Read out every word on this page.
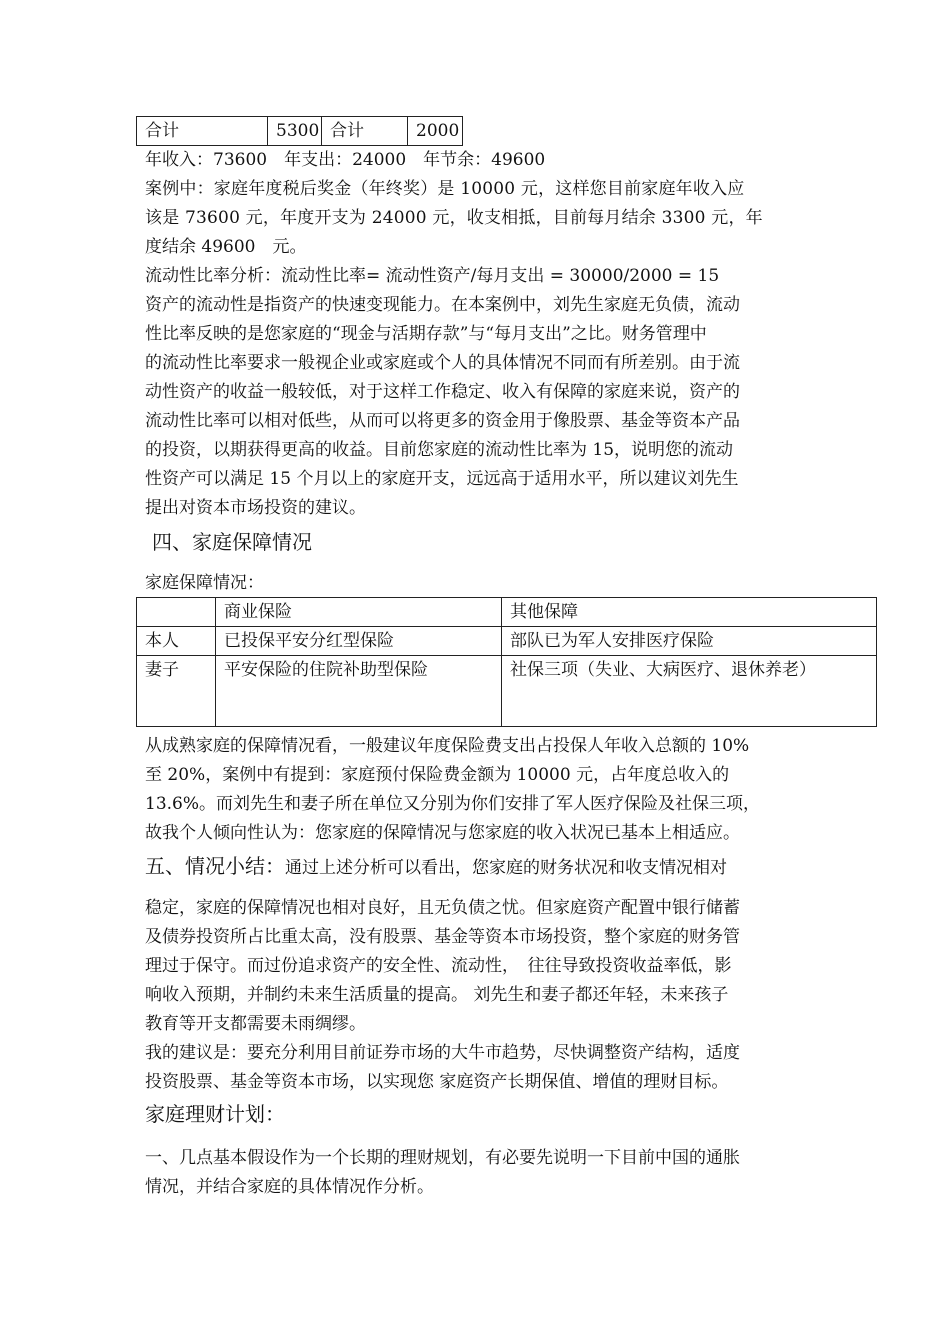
合计	5300	合计	2000

年收入：73600　年支出：24000　年节余：49600

案例中：家庭年度税后奖金（年终奖）是 10000 元，这样您目前家庭年收入应

该是 73600 元，年度开支为 24000 元，收支相抵，目前每月结余 3300 元，年

度结余 49600　元。

流动性比率分析：流动性比率= 流动性资产/每月支出 = 30000/2000 = 15

资产的流动性是指资产的快速变现能力。在本案例中，刘先生家庭无负债，流动

性比率反映的是您家庭的“现金与活期存款”与“每月支出”之比。财务管理中

的流动性比率要求一般视企业或家庭或个人的具体情况不同而有所差别。由于流

动性资产的收益一般较低，对于这样工作稳定、收入有保障的家庭来说，资产的

流动性比率可以相对低些，从而可以将更多的资金用于像股票、基金等资本产品

的投资，以期获得更高的收益。目前您家庭的流动性比率为 15，说明您的流动

性资产可以满足 15 个月以上的家庭开支，远远高于适用水平，所以建议刘先生

提出对资本市场投资的建议。

四、家庭保障情况
家庭保障情况：
	商业保险	其他保障
本人	已投保平安分红型保险	部队已为军人安排医疗保险
妻子	平安保险的住院补助型保险	社保三项（失业、大病医疗、退休养老）

从成熟家庭的保障情况看，一般建议年度保险费支出占投保人年收入总额的 10%

至 20%，案例中有提到：家庭预付保险费金额为 10000 元，占年度总收入的

13.6%。而刘先生和妻子所在单位又分别为你们安排了军人医疗保险及社保三项，

故我个人倾向性认为：您家庭的保障情况与您家庭的收入状况已基本上相适应。

五、情况小结：通过上述分析可以看出，您家庭的财务状况和收支情况相对

稳定，家庭的保障情况也相对良好，且无负债之忧。但家庭资产配置中银行储蓄

及债券投资所占比重太高，没有股票、基金等资本市场投资，整个家庭的财务管

理过于保守。而过份追求资产的安全性、流动性，　往往导致投资收益率低，影

响收入预期，并制约未来生活质量的提高。 刘先生和妻子都还年轻，未来孩子

教育等开支都需要未雨绸缪。

我的建议是：要充分利用目前证券市场的大牛市趋势，尽快调整资产结构，适度

投资股票、基金等资本市场，以实现您 家庭资产长期保值、增值的理财目标。

家庭理财计划：

一、几点基本假设作为一个长期的理财规划，有必要先说明一下目前中国的通胀

情况，并结合家庭的具体情况作分析。
